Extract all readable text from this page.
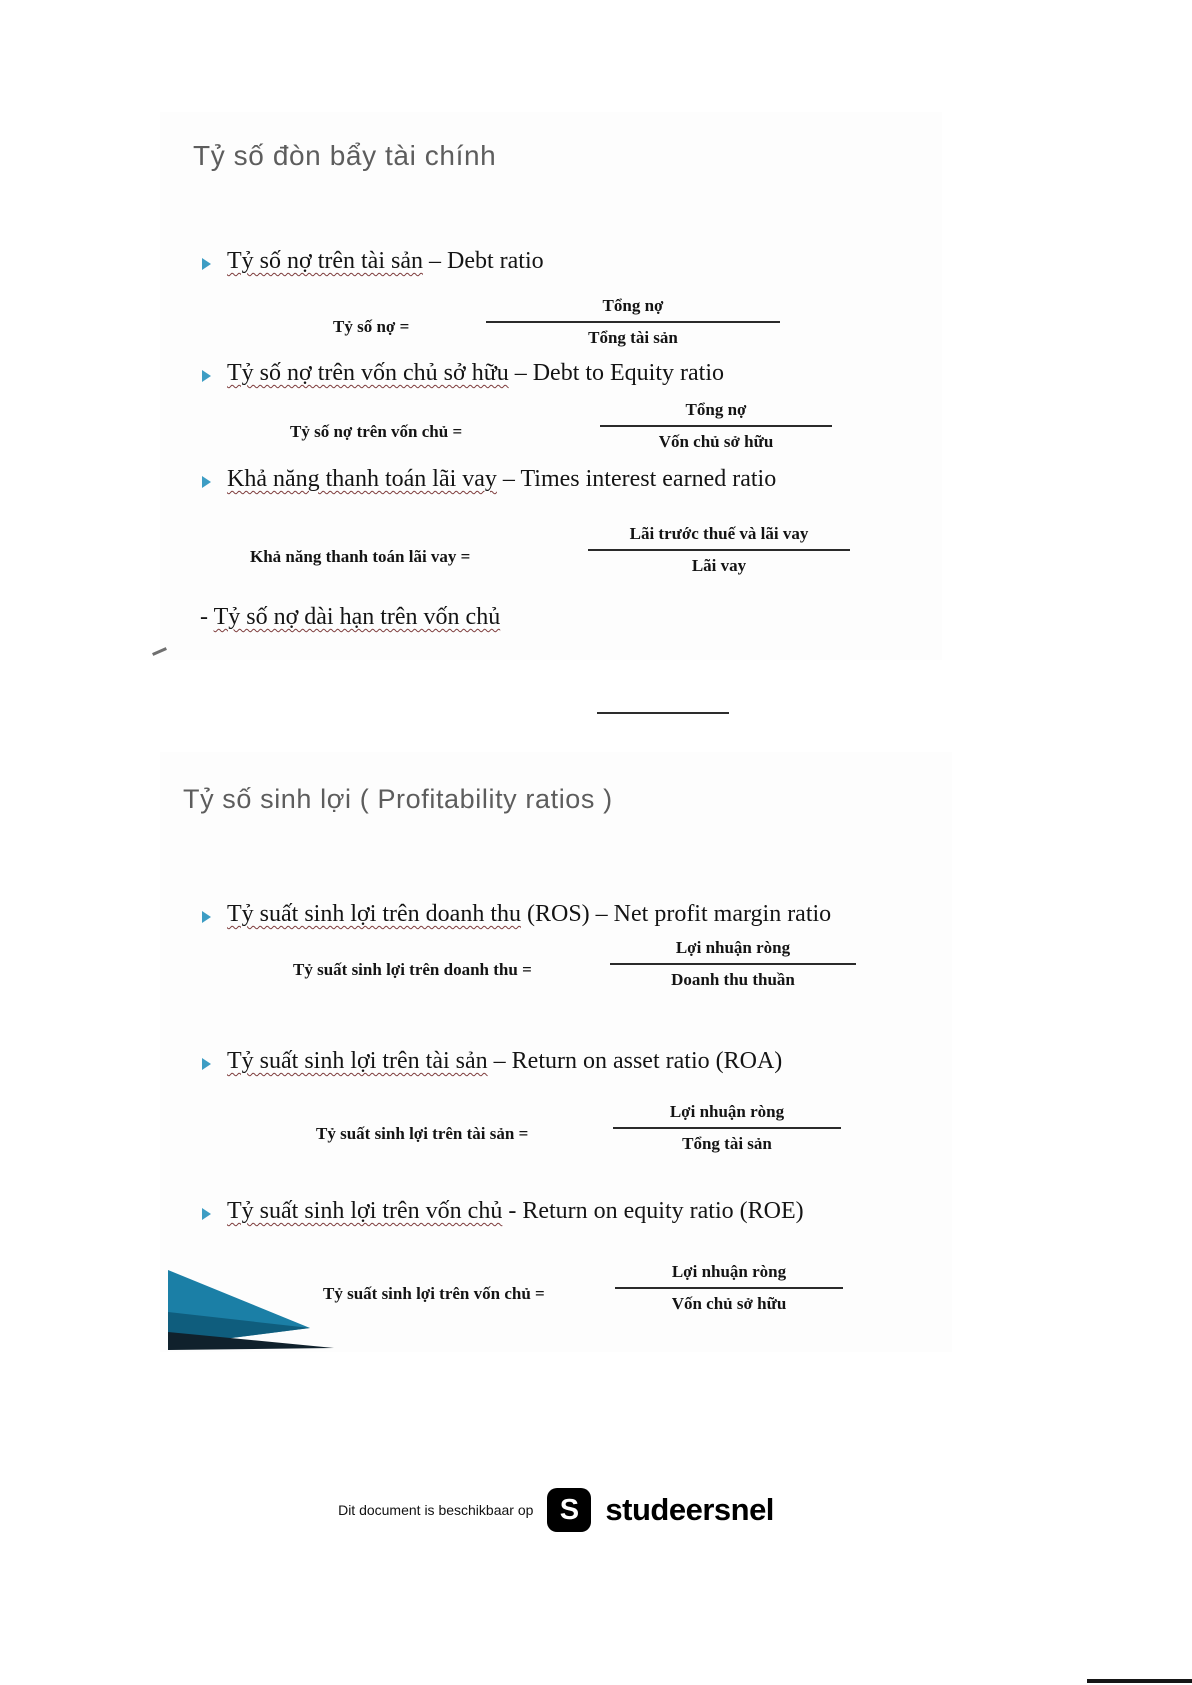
Tỷ số đòn bẩy tài chính
Tỷ số nợ trên tài sản – Debt ratio
Tỷ số nợ =
Tổng nợ
Tổng tài sản
Tỷ số nợ trên vốn chủ sở hữu – Debt to Equity ratio
Tỷ số nợ trên vốn chủ =
Tổng nợ
Vốn chủ sở hữu
Khả năng thanh toán lãi vay – Times interest earned ratio
Khả năng thanh toán lãi vay =
Lãi trước thuế và lãi vay
Lãi vay
- Tỷ số nợ dài hạn trên vốn chủ
Tỷ số sinh lợi ( Profitability ratios )
Tỷ suất sinh lợi trên doanh thu (ROS) – Net profit margin ratio
Tỷ suất sinh lợi trên doanh thu =
Lợi nhuận ròng
Doanh thu thuần
Tỷ suất sinh lợi trên tài sản – Return on asset ratio (ROA)
Tỷ suất sinh lợi trên tài sản =
Lợi nhuận ròng
Tổng tài sản
Tỷ suất sinh lợi trên vốn chủ - Return on equity ratio (ROE)
Tỷ suất sinh lợi trên vốn chủ =
Lợi nhuận ròng
Vốn chủ sở hữu
Dit document is beschikbaar op S studeersnel
